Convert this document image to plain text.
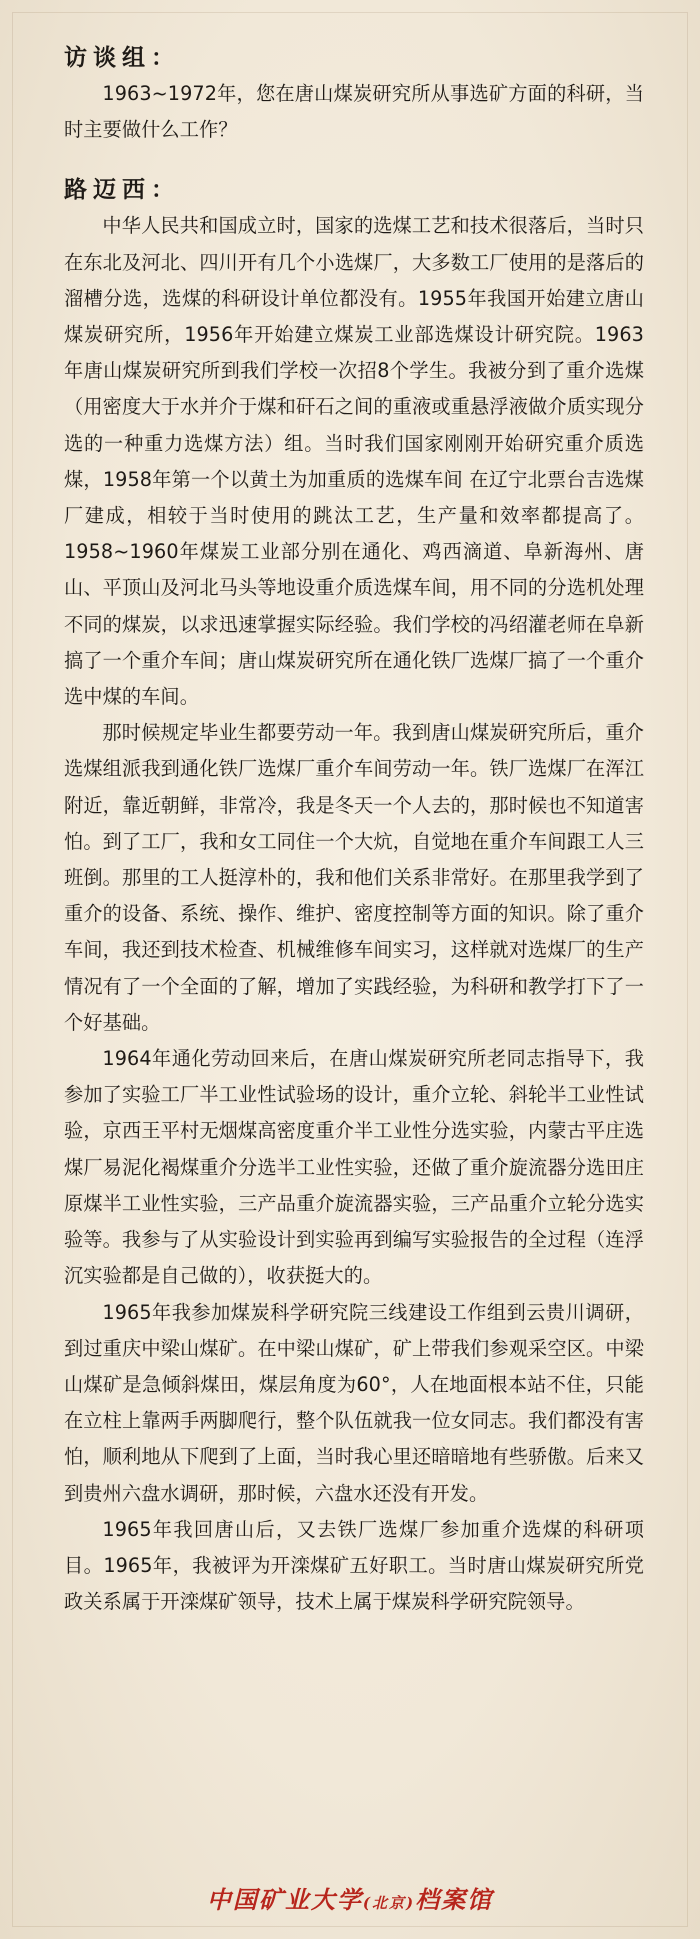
访谈组：

1963~1972年，您在唐山煤炭研究所从事选矿方面的科研，当时主要做什么工作？

路迈西：

中华人民共和国成立时，国家的选煤工艺和技术很落后，当时只在东北及河北、四川开有几个小选煤厂，大多数工厂使用的是落后的溜槽分选，选煤的科研设计单位都没有。1955年我国开始建立唐山煤炭研究所，1956年开始建立煤炭工业部选煤设计研究院。1963年唐山煤炭研究所到我们学校一次招8个学生。我被分到了重介选煤（用密度大于水并介于煤和矸石之间的重液或重悬浮液做介质实现分选的一种重力选煤方法）组。当时我们国家刚刚开始研究重介质选煤，1958年第一个以黄土为加重质的选煤车间 在辽宁北票台吉选煤厂建成，相较于当时使用的跳汰工艺，生产量和效率都提高了。1958~1960年煤炭工业部分别在通化、鸡西滴道、阜新海州、唐山、平顶山及河北马头等地设重介质选煤车间，用不同的分选机处理不同的煤炭，以求迅速掌握实际经验。我们学校的冯绍灌老师在阜新搞了一个重介车间；唐山煤炭研究所在通化铁厂选煤厂搞了一个重介选中煤的车间。

那时候规定毕业生都要劳动一年。我到唐山煤炭研究所后，重介选煤组派我到通化铁厂选煤厂重介车间劳动一年。铁厂选煤厂在浑江附近，靠近朝鲜，非常冷，我是冬天一个人去的，那时候也不知道害怕。到了工厂，我和女工同住一个大炕，自觉地在重介车间跟工人三班倒。那里的工人挺淳朴的，我和他们关系非常好。在那里我学到了重介的设备、系统、操作、维护、密度控制等方面的知识。除了重介车间，我还到技术检查、机械维修车间实习，这样就对选煤厂的生产情况有了一个全面的了解，增加了实践经验，为科研和教学打下了一个好基础。

1964年通化劳动回来后，在唐山煤炭研究所老同志指导下，我参加了实验工厂半工业性试验场的设计，重介立轮、斜轮半工业性试验，京西王平村无烟煤高密度重介半工业性分选实验，内蒙古平庄选煤厂易泥化褐煤重介分选半工业性实验，还做了重介旋流器分选田庄原煤半工业性实验，三产品重介旋流器实验，三产品重介立轮分选实验等。我参与了从实验设计到实验再到编写实验报告的全过程（连浮沉实验都是自己做的），收获挺大的。

1965年我参加煤炭科学研究院三线建设工作组到云贵川调研，到过重庆中梁山煤矿。在中梁山煤矿，矿上带我们参观采空区。中梁山煤矿是急倾斜煤田，煤层角度为60°，人在地面根本站不住，只能在立柱上靠两手两脚爬行，整个队伍就我一位女同志。我们都没有害怕，顺利地从下爬到了上面，当时我心里还暗暗地有些骄傲。后来又到贵州六盘水调研，那时候，六盘水还没有开发。

1965年我回唐山后，又去铁厂选煤厂参加重介选煤的科研项目。1965年，我被评为开滦煤矿五好职工。当时唐山煤炭研究所党政关系属于开滦煤矿领导，技术上属于煤炭科学研究院领导。

中国矿业大学(北京)档案馆
